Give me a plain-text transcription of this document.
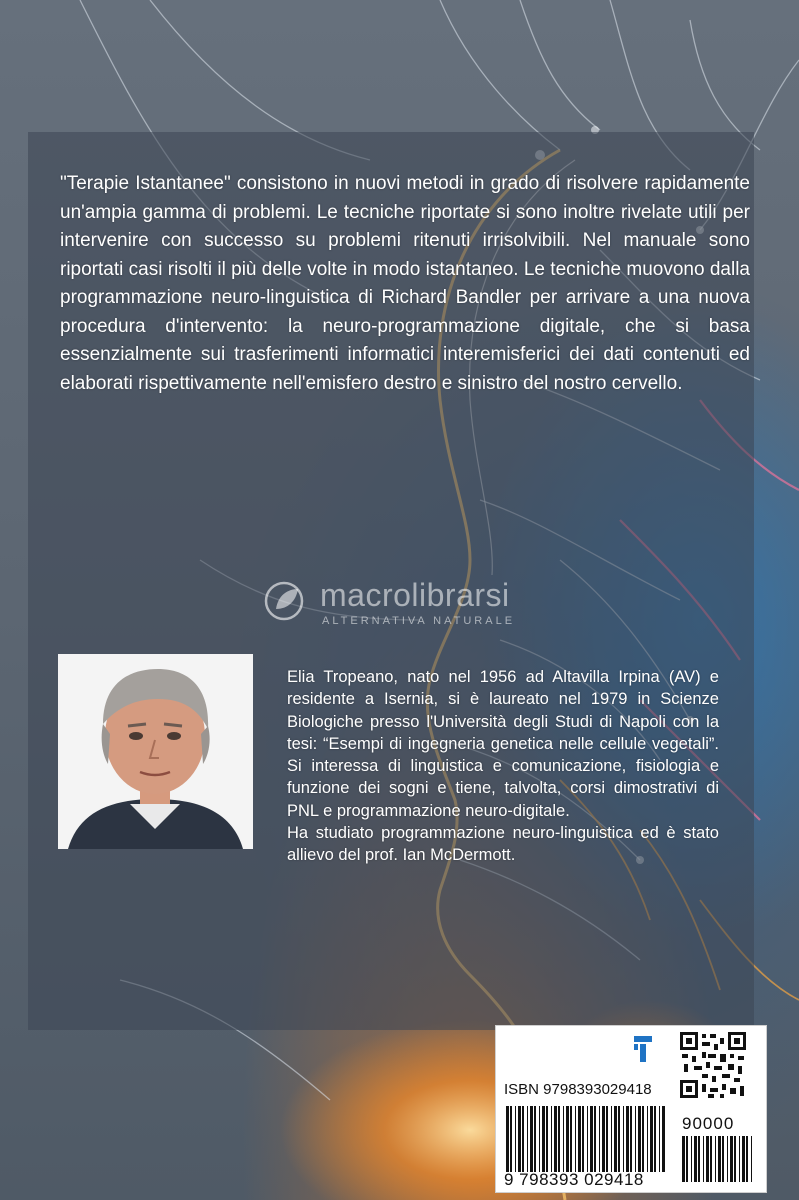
"Terapie Istantanee" consistono in nuovi metodi in grado di risolvere rapidamente un'ampia gamma di problemi. Le tecniche riportate si sono inoltre rivelate utili per intervenire con successo su problemi ritenuti irrisolvibili. Nel manuale sono riportati casi risolti il più delle volte in modo istantaneo. Le tecniche muovono dalla programmazione neuro-linguistica di Richard Bandler per arrivare a una nuova procedura d'intervento: la neuro-programmazione digitale, che si basa essenzialmente sui trasferimenti informatici interemisferici dei dati contenuti ed elaborati rispettivamente nell'emisfero destro e sinistro del nostro cervello.

macrolibrarsi
ALTERNATIVA NATURALE
Elia Tropeano, nato nel 1956 ad Altavilla Irpina (AV) e residente a Isernia, si è laureato nel 1979 in Scienze Biologiche presso l'Università degli Studi di Napoli con la tesi: “Esempi di ingegneria genetica nelle cellule vegetali”. Si interessa di linguistica e comunicazione, fisiologia e funzione dei sogni e tiene, talvolta, corsi dimostrativi di PNL e programmazione neuro-digitale.
Ha studiato programmazione neuro-linguistica ed è stato allievo del prof. Ian McDermott.
ISBN 9798393029418
9 798393 029418
90000
